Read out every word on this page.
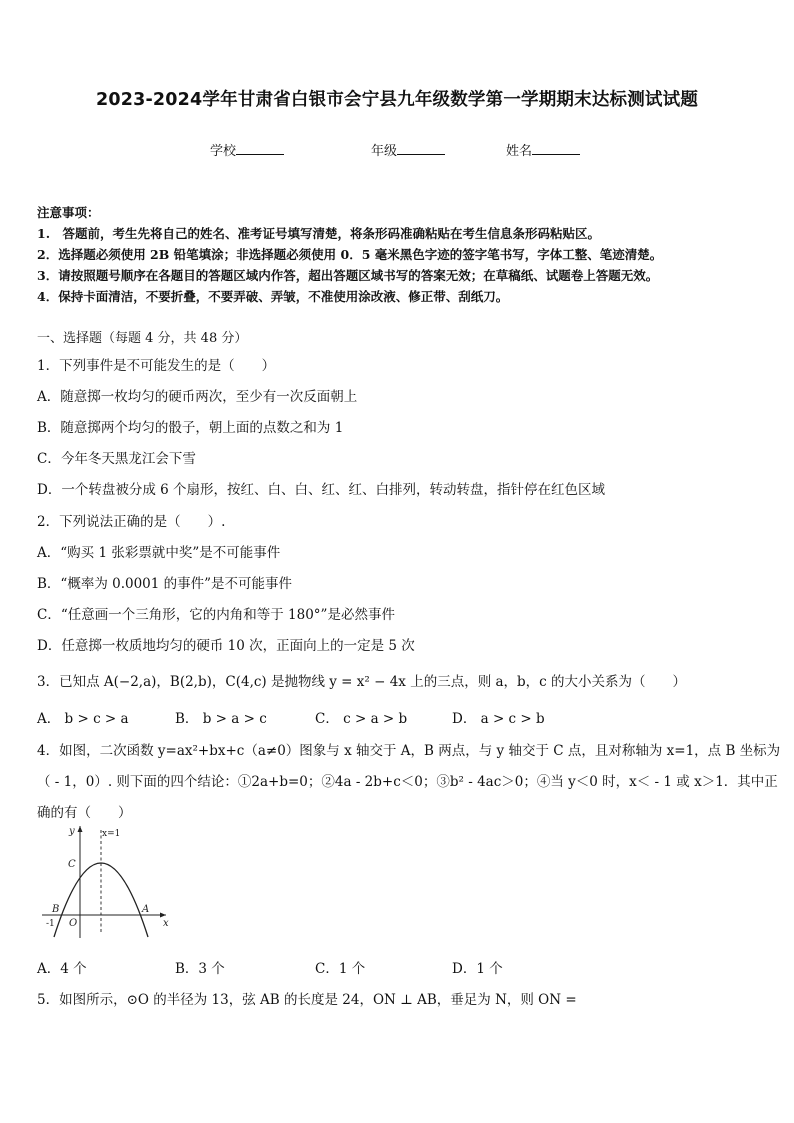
2023-2024学年甘肃省白银市会宁县九年级数学第一学期期末达标测试试题
学校	年级	姓名
注意事项：
1.　答题前，考生先将自己的姓名、准考证号填写清楚，将条形码准确粘贴在考生信息条形码粘贴区。
2．选择题必须使用 2B 铅笔填涂；非选择题必须使用 0．5 毫米黑色字迹的签字笔书写，字体工整、笔迹清楚。
3．请按照题号顺序在各题目的答题区域内作答，超出答题区域书写的答案无效；在草稿纸、试题卷上答题无效。
4．保持卡面清洁，不要折叠，不要弄破、弄皱，不准使用涂改液、修正带、刮纸刀。
一、选择题（每题 4 分，共 48 分）
1．下列事件是不可能发生的是（　　）
A．随意掷一枚均匀的硬币两次，至少有一次反面朝上
B．随意掷两个均匀的骰子，朝上面的点数之和为 1
C．今年冬天黑龙江会下雪
D．一个转盘被分成 6 个扇形，按红、白、白、红、红、白排列，转动转盘，指针停在红色区域
2．下列说法正确的是（　　）.
A．“购买 1 张彩票就中奖”是不可能事件
B．“概率为 0.0001 的事件”是不可能事件
C．“任意画一个三角形，它的内角和等于 180°”是必然事件
D．任意掷一枚质地均匀的硬币 10 次，正面向上的一定是 5 次
3．已知点 A(−2,a)，B(2,b)，C(4,c) 是抛物线 y = x² − 4x 上的三点，则 a，b，c 的大小关系为（　　）
A． b > c > a	B． b > a > c	C． c > a > b	D． a > c > b
4．如图，二次函数 y=ax²+bx+c（a≠0）图象与 x 轴交于 A，B 两点，与 y 轴交于 C 点，且对称轴为 x=1，点 B 坐标为
（ - 1，0）. 则下面的四个结论：①2a+b=0；②4a - 2b+c＜0；③b² - 4ac＞0；④当 y＜0 时，x＜ - 1 或 x＞1．其中正
确的有（　　）
y
x
x=1
C
B	A
O
-1
A．4 个	B．3 个	C．1 个	D．1 个
5．如图所示，⊙O 的半径为 13，弦 AB 的长度是 24，ON ⊥ AB，垂足为 N，则 ON =
